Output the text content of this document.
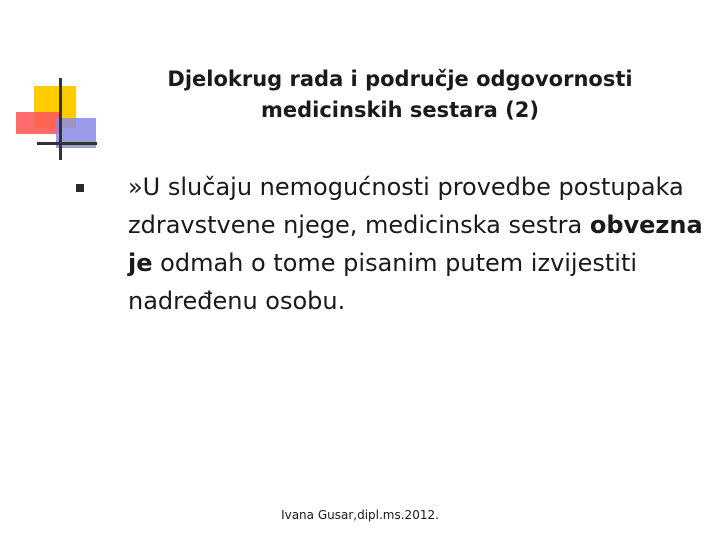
Djelokrug rada i područje odgovornosti
medicinskih sestara (2)

»U slučaju nemogućnosti provedbe postupaka zdravstvene njege, medicinska sestra obvezna je odmah o tome pisanim putem izvijestiti nadređenu osobu.

Ivana Gusar,dipl.ms.2012.
